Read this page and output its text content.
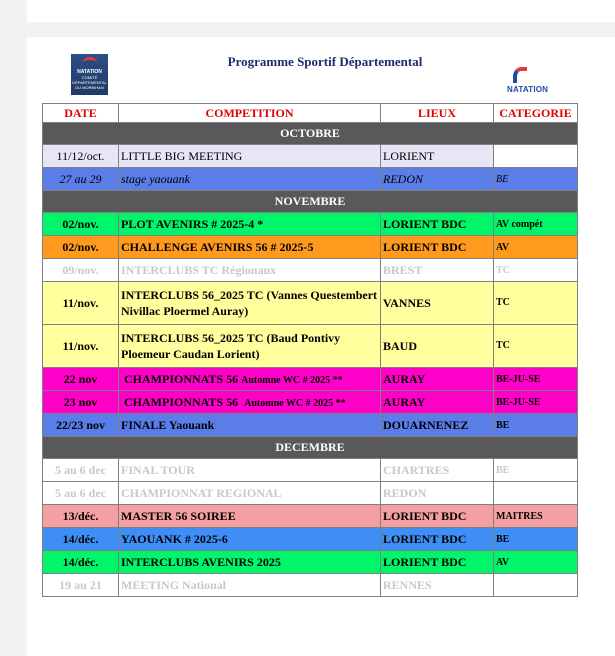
NATATION
COMITÉ DÉPARTEMENTAL DU MORBIHAN
Programme Sportif Départemental
NATATION
DATE	COMPETITION	LIEUX	CATEGORIE
OCTOBRE			
11/12/oct.	LITTLE BIG MEETING	LORIENT	
27 au 29	stage yaouank	REDON	BE
NOVEMBRE			
02/nov.	PLOT AVENIRS # 2025-4 *	LORIENT BDC	AV compét
02/nov.	CHALLENGE AVENIRS 56 # 2025-5	LORIENT BDC	AV
09/nov.	INTERCLUBS TC Régionaux	BREST	TC
11/nov.	INTERCLUBS 56_2025 TC (Vannes Questembert Nivillac Ploermel Auray)	VANNES	TC
11/nov.	INTERCLUBS 56_2025 TC (Baud Pontivy Ploemeur Caudan Lorient)	BAUD	TC
22 nov	CHAMPIONNATS 56 Automne WC # 2025 **	AURAY	BE-JU-SE
23 nov	CHAMPIONNATS 56  Automne WC # 2025 **	AURAY	BE-JU-SE
22/23 nov	FINALE Yaouank	DOUARNENEZ	BE
DECEMBRE			
5 au 6 dec	FINAL TOUR	CHARTRES	BE
5 au 6 dec	CHAMPIONNAT REGIONAL	REDON	
13/déc.	MASTER 56 SOIREE	LORIENT BDC	MAITRES
14/déc.	YAOUANK # 2025-6	LORIENT BDC	BE
14/déc.	INTERCLUBS AVENIRS 2025	LORIENT BDC	AV
19 au 21	MEETING National	RENNES	
